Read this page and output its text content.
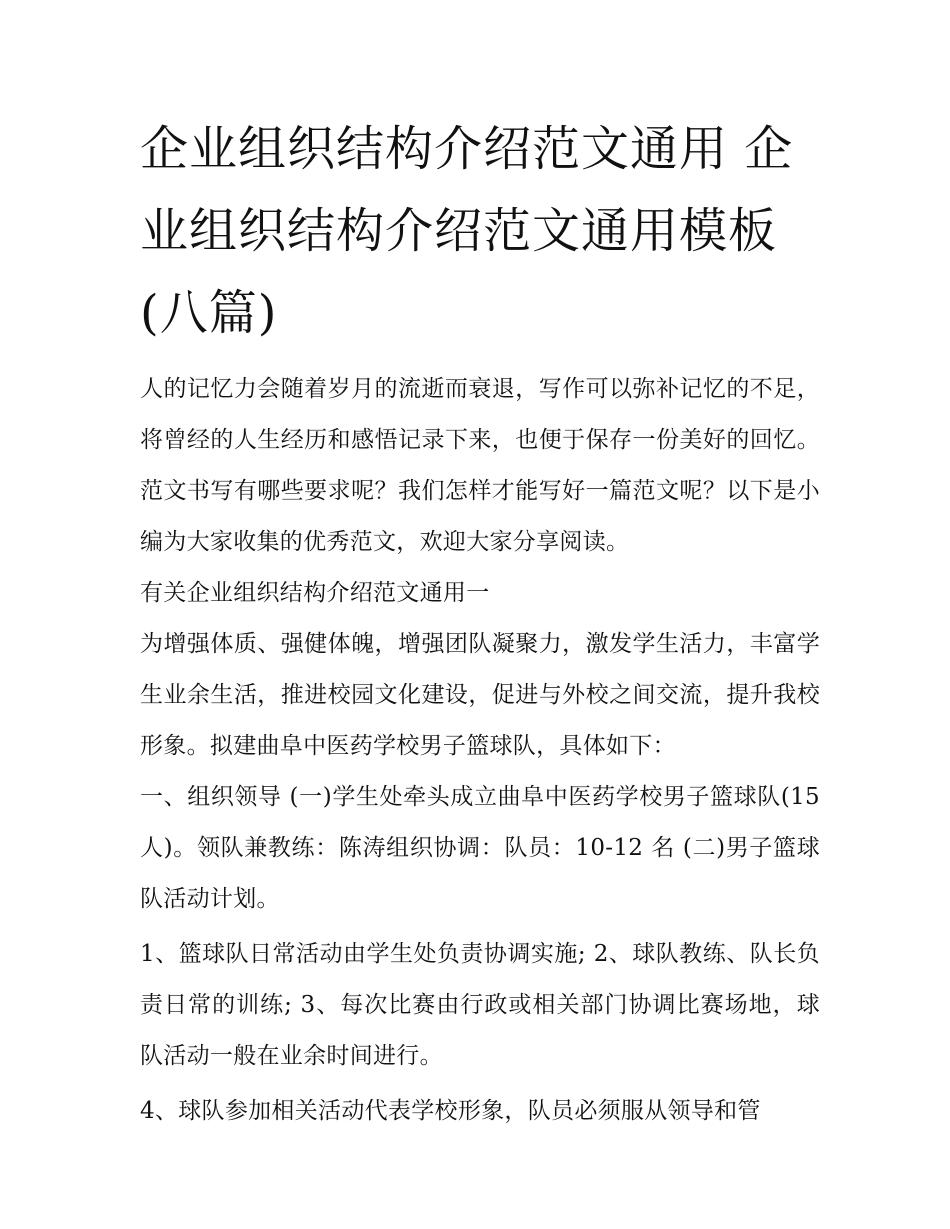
企业组织结构介绍范文通用 企业组织结构介绍范文通用模板(八篇)

人的记忆力会随着岁月的流逝而衰退，写作可以弥补记忆的不足，将曾经的人生经历和感悟记录下来，也便于保存一份美好的回忆。范文书写有哪些要求呢？我们怎样才能写好一篇范文呢？以下是小编为大家收集的优秀范文，欢迎大家分享阅读。

有关企业组织结构介绍范文通用一

为增强体质、强健体魄，增强团队凝聚力，激发学生活力，丰富学生业余生活，推进校园文化建设，促进与外校之间交流，提升我校形象。拟建曲阜中医药学校男子篮球队，具体如下：

一、组织领导 (一)学生处牵头成立曲阜中医药学校男子篮球队(15 人)。领队兼教练：陈涛组织协调：队员：10-12 名 (二)男子篮球队活动计划。

1、篮球队日常活动由学生处负责协调实施; 2、球队教练、队长负责日常的训练; 3、每次比赛由行政或相关部门协调比赛场地，球队活动一般在业余时间进行。

4、球队参加相关活动代表学校形象，队员必须服从领导和管
